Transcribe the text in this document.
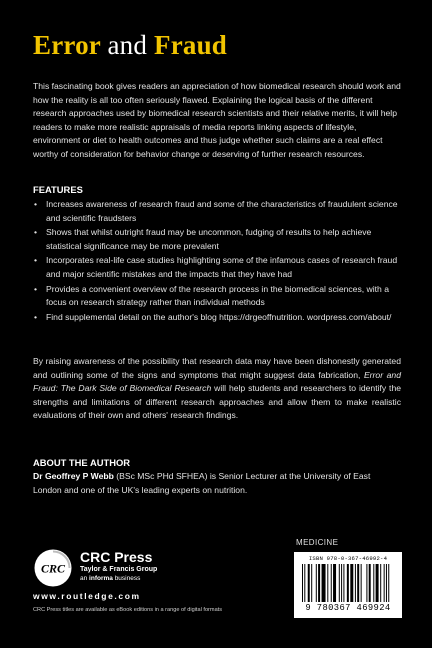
Error and Fraud

This fascinating book gives readers an appreciation of how biomedical research should work and how the reality is all too often seriously flawed. Explaining the logical basis of the different research approaches used by biomedical research scientists and their relative merits, it will help readers to make more realistic appraisals of media reports linking aspects of lifestyle, environment or diet to health outcomes and thus judge whether such claims are a real effect worthy of consideration for behavior change or deserving of further research resources.

FEATURES
• Increases awareness of research fraud and some of the characteristics of fraudulent science and scientific fraudsters
• Shows that whilst outright fraud may be uncommon, fudging of results to help achieve statistical significance may be more prevalent
• Incorporates real-life case studies highlighting some of the infamous cases of research fraud and major scientific mistakes and the impacts that they have had
• Provides a convenient overview of the research process in the biomedical sciences, with a focus on research strategy rather than individual methods
• Find supplemental detail on the author's blog https://drgeoffnutrition. wordpress.com/about/

By raising awareness of the possibility that research data may have been dishonestly generated and outlining some of the signs and symptoms that might suggest data fabrication, Error and Fraud: The Dark Side of Biomedical Research will help students and researchers to identify the strengths and limitations of different research approaches and allow them to make realistic evaluations of their own and others' research findings.

ABOUT THE AUTHOR

Dr Geoffrey P Webb (BSc MSc PHd SFHEA) is Senior Lecturer at the University of East London and one of the UK's leading experts on nutrition.

MEDICINE
CRC
CRC Press
Taylor & Francis Group
an informa business
www.routledge.com
CRC Press titles are available as eBook editions in a range of digital formats
ISBN 978-0-367-46992-4
9 780367 469924
